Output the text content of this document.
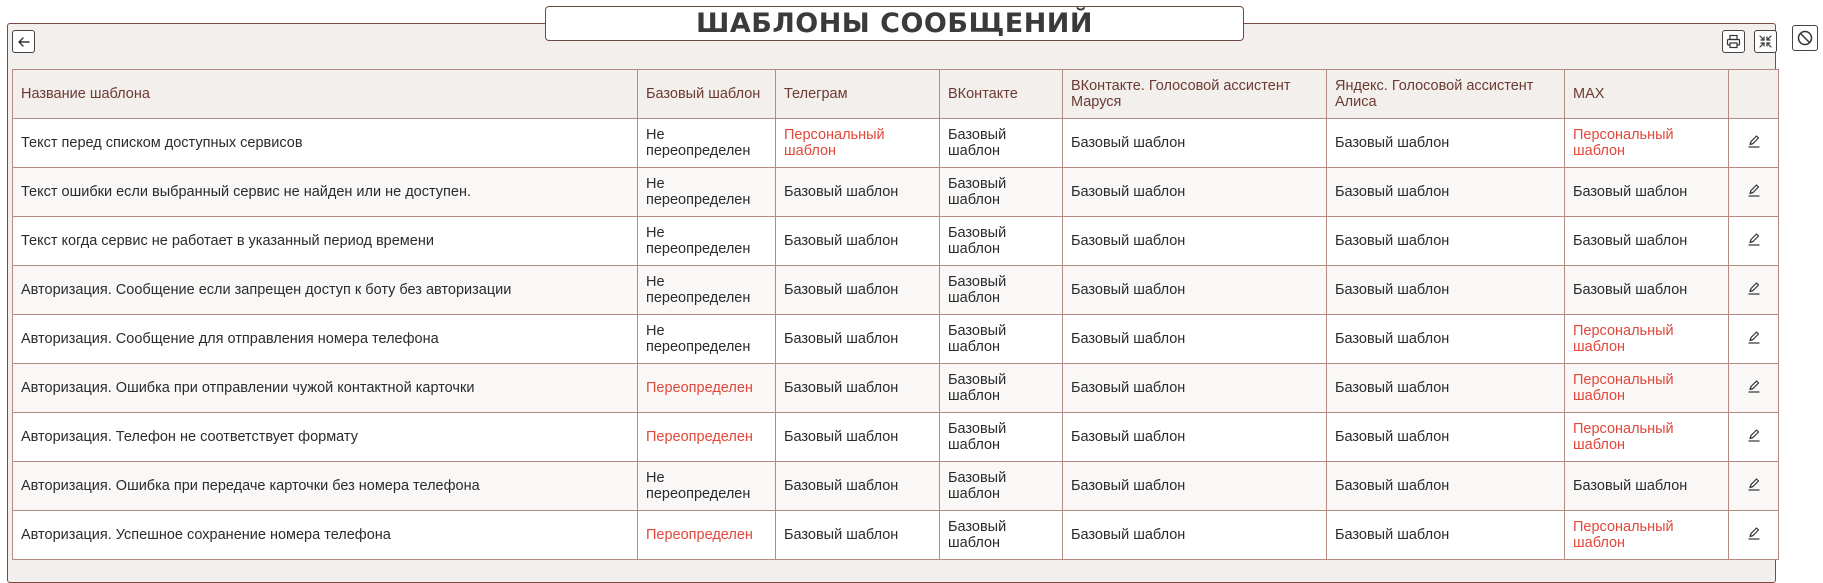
ШАБЛОНЫ СООБЩЕНИЙ
Название шаблона	Базовый шаблон	Телеграм	ВКонтакте	ВКонтакте. Голосовой ассистент Маруся	Яндекс. Голосовой ассистент Алиса	MAX	
Текст перед списком доступных сервисов	Не переопределен	Персональный шаблон	Базовый шаблон	Базовый шаблон	Базовый шаблон	Персональный шаблон	

Текст ошибки если выбранный сервис не найден или не доступен.	Не переопределен	Базовый шаблон	Базовый шаблон	Базовый шаблон	Базовый шаблон	Базовый шаблон	

Текст когда сервис не работает в указанный период времени	Не переопределен	Базовый шаблон	Базовый шаблон	Базовый шаблон	Базовый шаблон	Базовый шаблон	

Авторизация. Сообщение если запрещен доступ к боту без авторизации	Не переопределен	Базовый шаблон	Базовый шаблон	Базовый шаблон	Базовый шаблон	Базовый шаблон	

Авторизация. Сообщение для отправления номера телефона	Не переопределен	Базовый шаблон	Базовый шаблон	Базовый шаблон	Базовый шаблон	Персональный шаблон	

Авторизация. Ошибка при отправлении чужой контактной карточки	Переопределен	Базовый шаблон	Базовый шаблон	Базовый шаблон	Базовый шаблон	Персональный шаблон	

Авторизация. Телефон не соответствует формату	Переопределен	Базовый шаблон	Базовый шаблон	Базовый шаблон	Базовый шаблон	Персональный шаблон	

Авторизация. Ошибка при передаче карточки без номера телефона	Не переопределен	Базовый шаблон	Базовый шаблон	Базовый шаблон	Базовый шаблон	Базовый шаблон	

Авторизация. Успешное сохранение номера телефона	Переопределен	Базовый шаблон	Базовый шаблон	Базовый шаблон	Базовый шаблон	Персональный шаблон	
